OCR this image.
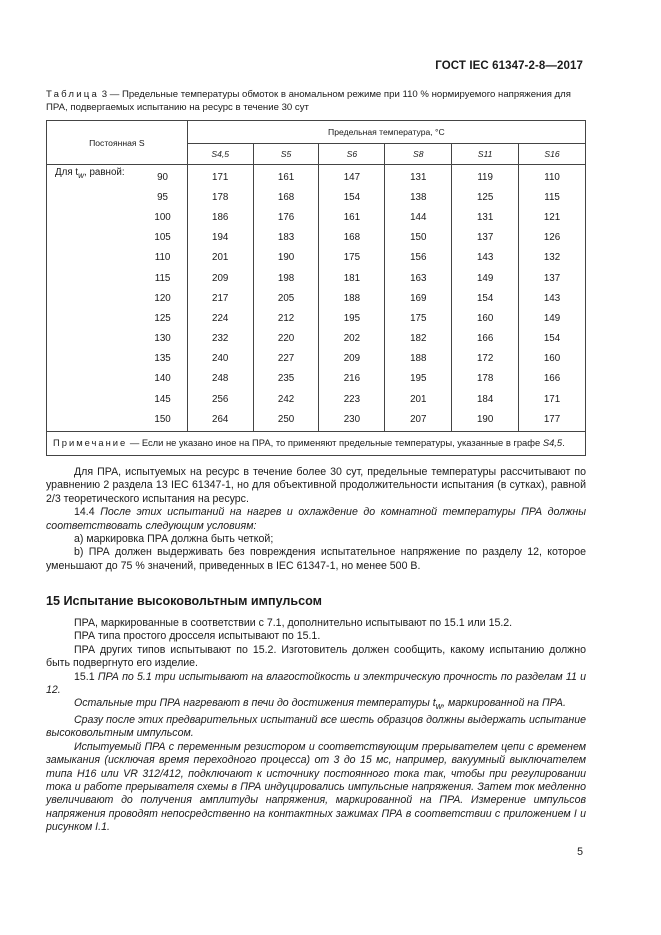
ГОСТ IEC 61347-2-8—2017
Таблица 3 — Предельные температуры обмоток в аномальном режиме при 110 % нормируемого напряжения для ПРА, подвергаемых испытанию на ресурс в течение 30 сут
Постоянная S		Предельная температура, °С					
		S4,5	S5	S6	S8	S11	S16
Для $t_w$, равной:	90	171	161	147	131	119	110
	95	178	168	154	138	125	115
	100	186	176	161	144	131	121
	105	194	183	168	150	137	126
	110	201	190	175	156	143	132
	115	209	198	181	163	149	137
	120	217	205	188	169	154	143
	125	224	212	195	175	160	149
	130	232	220	202	182	166	154
	135	240	227	209	188	172	160
	140	248	235	216	195	178	166
	145	256	242	223	201	184	171
	150	264	250	230	207	190	177
Примечание — Если не указано иное на ПРА, то применяют предельные температуры, указанные в графе S4,5.							

Для ПРА, испытуемых на ресурс в течение более 30 сут, предельные температуры рассчитывают по уравнению 2 раздела 13 IEC 61347-1, но для объективной продолжительности испытания (в сутках), равной 2/3 теоретического испытания на ресурс.

14.4 После этих испытаний на нагрев и охлаждение до комнатной температуры ПРА должны соответствовать следующим условиям:

a) маркировка ПРА должна быть четкой;

b) ПРА должен выдерживать без повреждения испытательное напряжение по разделу 12, которое уменьшают до 75 % значений, приведенных в IEC 61347-1, но менее 500 В.

15 Испытание высоковольтным импульсом

ПРА, маркированные в соответствии с 7.1, дополнительно испытывают по 15.1 или 15.2.

ПРА типа простого дросселя испытывают по 15.1.

ПРА других типов испытывают по 15.2. Изготовитель должен сообщить, какому испытанию должно быть подвергнуто его изделие.

15.1 ПРА по 5.1 три испытывают на влагостойкость и электрическую прочность по разделам 11 и 12.

Остальные три ПРА нагревают в печи до достижения температуры $t_w$, маркированной на ПРА.

Сразу после этих предварительных испытаний все шесть образцов должны выдержать испытание высоковольтным импульсом.

Испытуемый ПРА с переменным резистором и соответствующим прерывателем цепи с временем замыкания (исключая время переходного процесса) от 3 до 15 мс, например, вакуумный выключателем типа Н16 или VR 312/412, подключают к источнику постоянного тока так, чтобы при регулировании тока и работе прерывателя схемы в ПРА индуцировались импульсные напряжения. Затем ток медленно увеличивают до получения амплитуды напряжения, маркированной на ПРА. Измерение импульсов напряжения проводят непосредственно на контактных зажимах ПРА в соответствии с приложением I и рисунком I.1.

5
